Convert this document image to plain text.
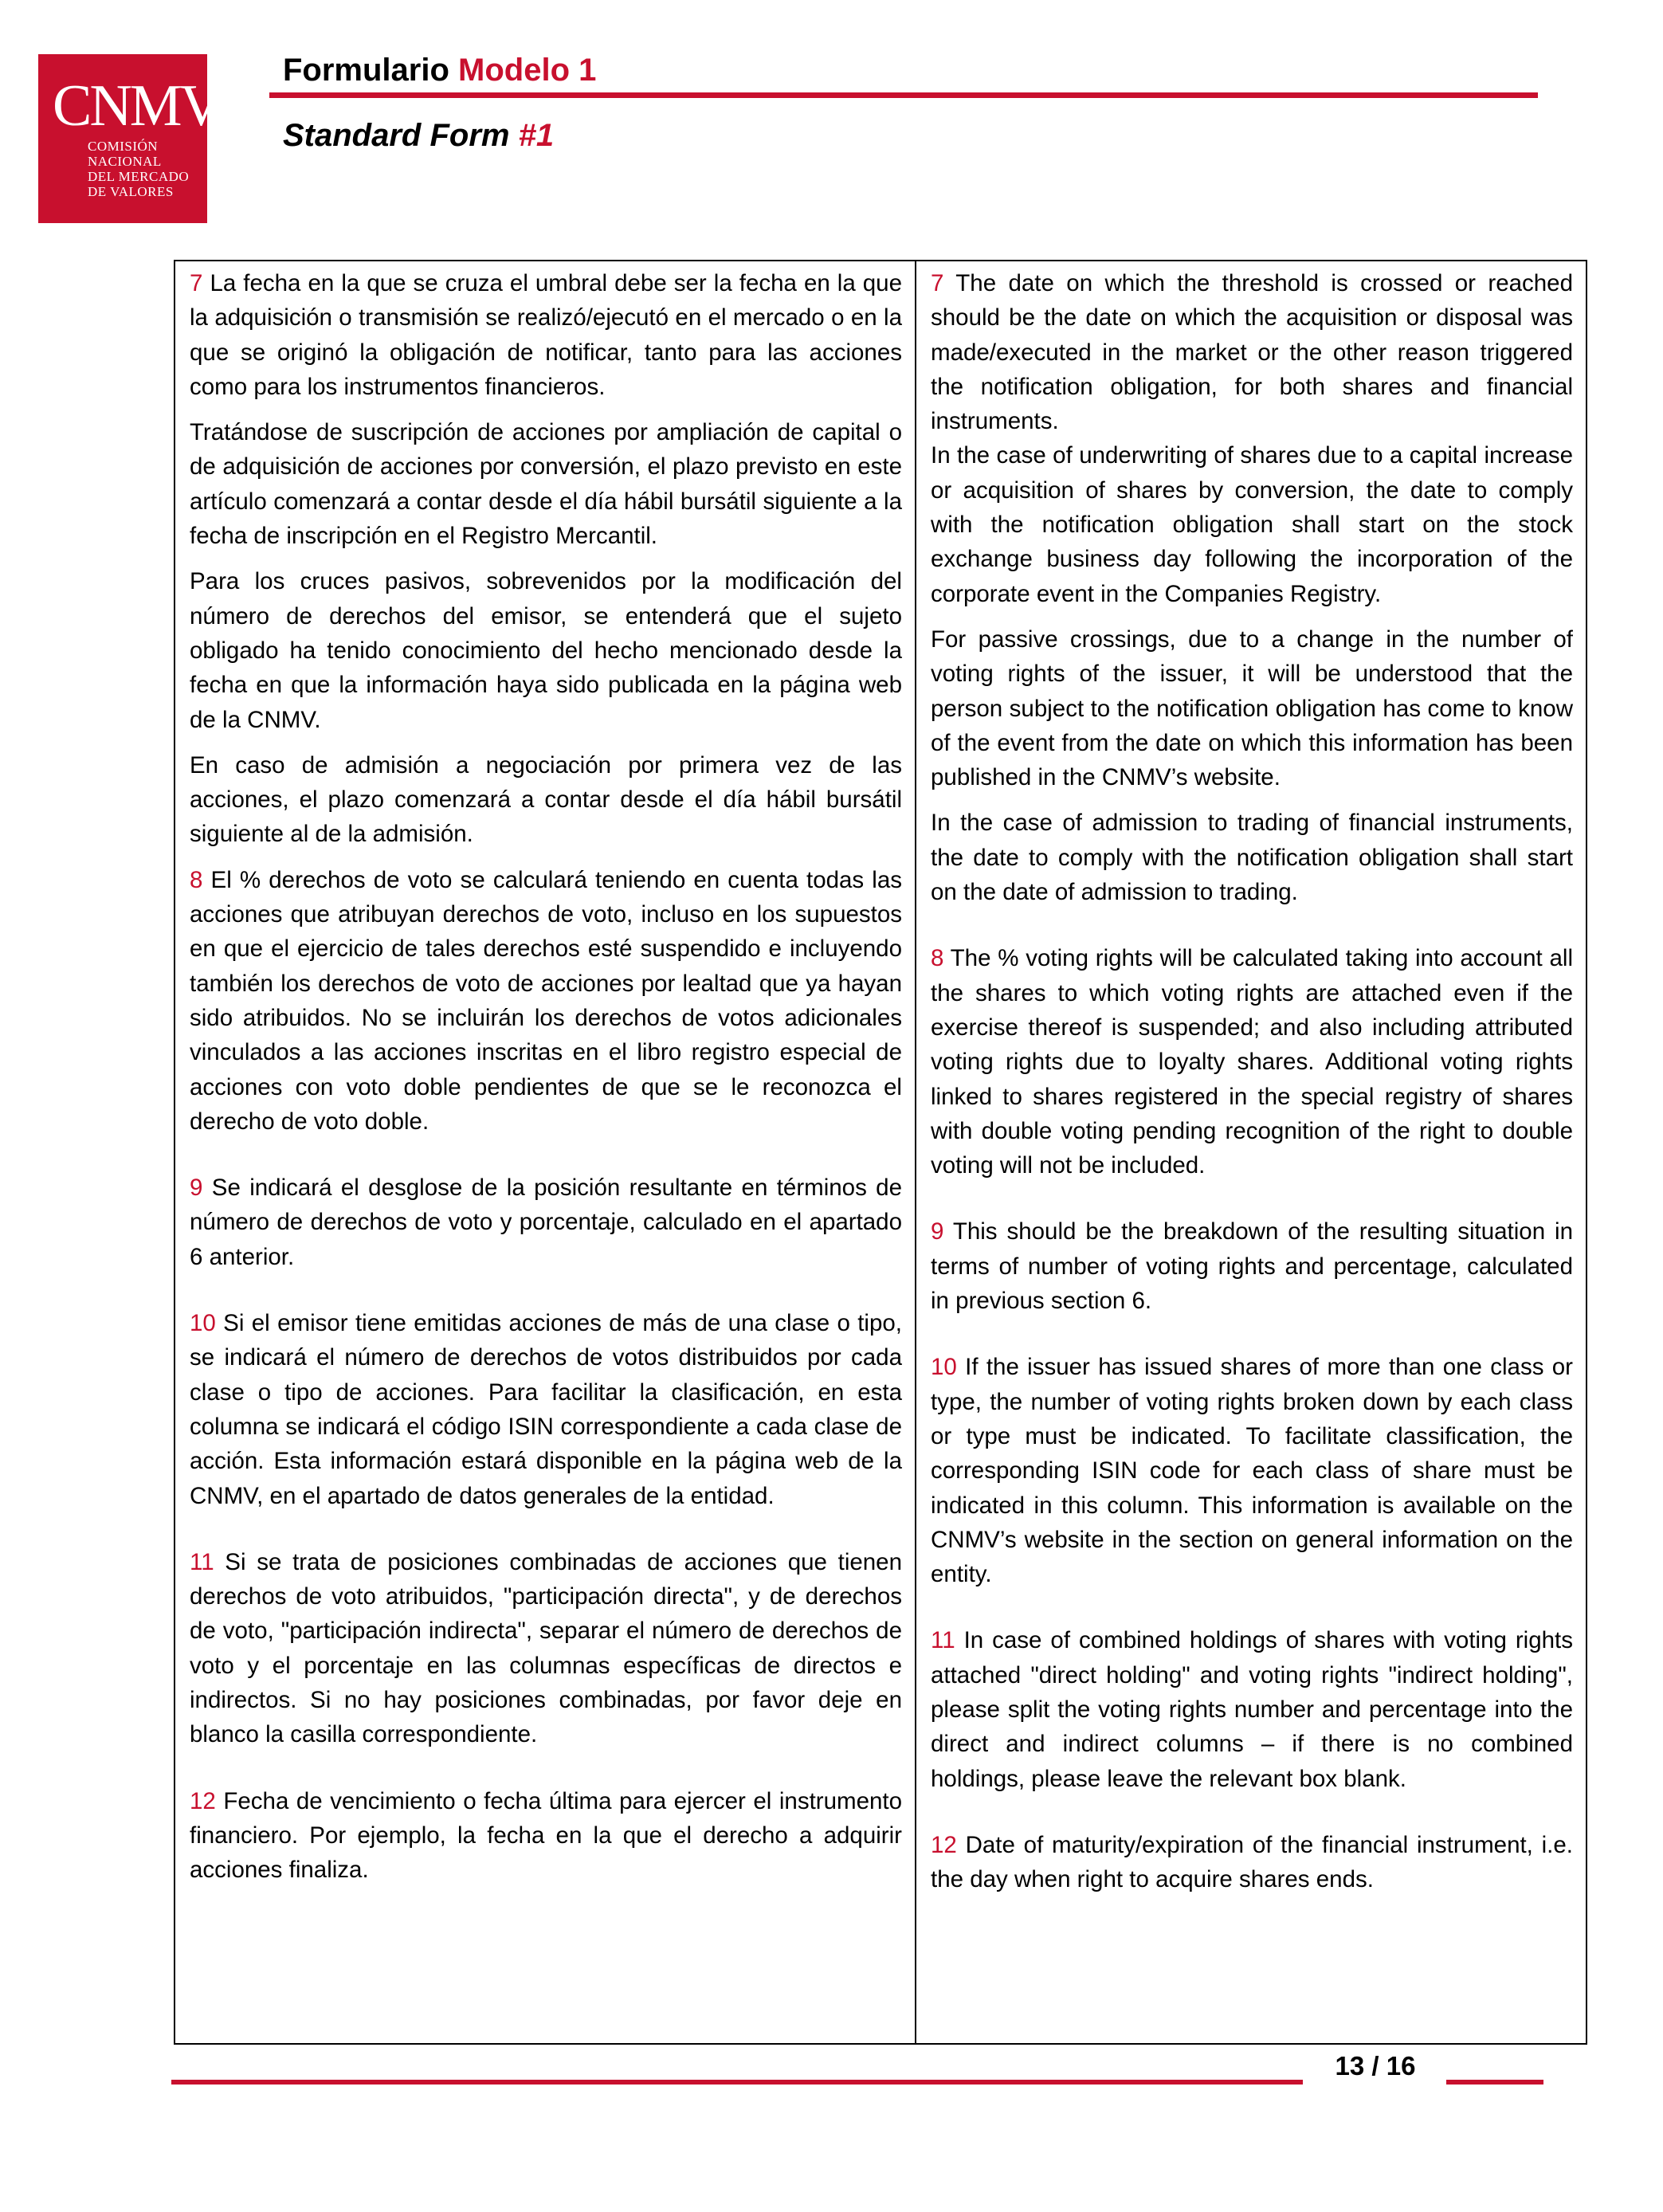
CNMV
COMISIÓN
NACIONAL
DEL MERCADO
DE VALORES
Formulario Modelo 1
Standard Form #1

7 La fecha en la que se cruza el umbral debe ser la fecha en la que la adquisición o transmisión se realizó/ejecutó en el mercado o en la que se originó la obligación de notificar, tanto para las acciones como para los instrumentos financieros.

Tratándose de suscripción de acciones por ampliación de capital o de adquisición de acciones por conversión, el plazo previsto en este artículo comenzará a contar desde el día hábil bursátil siguiente a la fecha de inscripción en el Registro Mercantil.

Para los cruces pasivos, sobrevenidos por la modificación del número de derechos del emisor, se entenderá que el sujeto obligado ha tenido conocimiento del hecho mencionado desde la fecha en que la información haya sido publicada en la página web de la CNMV.

En caso de admisión a negociación por primera vez de las acciones, el plazo comenzará a contar desde el día hábil bursátil siguiente al de la admisión.

8 El % derechos de voto se calculará teniendo en cuenta todas las acciones que atribuyan derechos de voto, incluso en los supuestos en que el ejercicio de tales derechos esté suspendido e incluyendo también los derechos de voto de acciones por lealtad que ya hayan sido atribuidos. No se incluirán los derechos de votos adicionales vinculados a las acciones inscritas en el libro registro especial de acciones con voto doble pendientes de que se le reconozca el derecho de voto doble.

9 Se indicará el desglose de la posición resultante en términos de número de derechos de voto y porcentaje, calculado en el apartado 6 anterior.

10 Si el emisor tiene emitidas acciones de más de una clase o tipo, se indicará el número de derechos de votos distribuidos por cada clase o tipo de acciones. Para facilitar la clasificación, en esta columna se indicará el código ISIN correspondiente a cada clase de acción. Esta información estará disponible en la página web de la CNMV, en el apartado de datos generales de la entidad.

11 Si se trata de posiciones combinadas de acciones que tienen derechos de voto atribuidos, "participación directa", y de derechos de voto, "participación indirecta", separar el número de derechos de voto y el porcentaje en las columnas específicas de directos e indirectos. Si no hay posiciones combinadas, por favor deje en blanco la casilla correspondiente.

12 Fecha de vencimiento o fecha última para ejercer el instrumento financiero. Por ejemplo, la fecha en la que el derecho a adquirir acciones finaliza.

7 The date on which the threshold is crossed or reached should be the date on which the acquisition or disposal was made/executed in the market or the other reason triggered the notification obligation, for both shares and financial instruments.

In the case of underwriting of shares due to a capital increase or acquisition of shares by conversion, the date to comply with the notification obligation shall start on the stock exchange business day following the incorporation of the corporate event in the Companies Registry.

For passive crossings, due to a change in the number of voting rights of the issuer, it will be understood that the person subject to the notification obligation has come to know of the event from the date on which this information has been published in the CNMV’s website.

In the case of admission to trading of financial instruments, the date to comply with the notification obligation shall start on the date of admission to trading.

8 The % voting rights will be calculated taking into account all the shares to which voting rights are attached even if the exercise thereof is suspended; and also including attributed voting rights due to loyalty shares. Additional voting rights linked to shares registered in the special registry of shares with double voting pending recognition of the right to double voting will not be included.

9 This should be the breakdown of the resulting situation in terms of number of voting rights and percentage, calculated in previous section 6.

10 If the issuer has issued shares of more than one class or type, the number of voting rights broken down by each class or type must be indicated. To facilitate classification, the corresponding ISIN code for each class of share must be indicated in this column. This information is available on the CNMV’s website in the section on general information on the entity.

11 In case of combined holdings of shares with voting rights attached "direct holding" and voting rights "indirect holding", please split the voting rights number and percentage into the direct and indirect columns – if there is no combined holdings, please leave the relevant box blank.

12 Date of maturity/expiration of the financial instrument, i.e. the day when right to acquire shares ends.

13 / 16
